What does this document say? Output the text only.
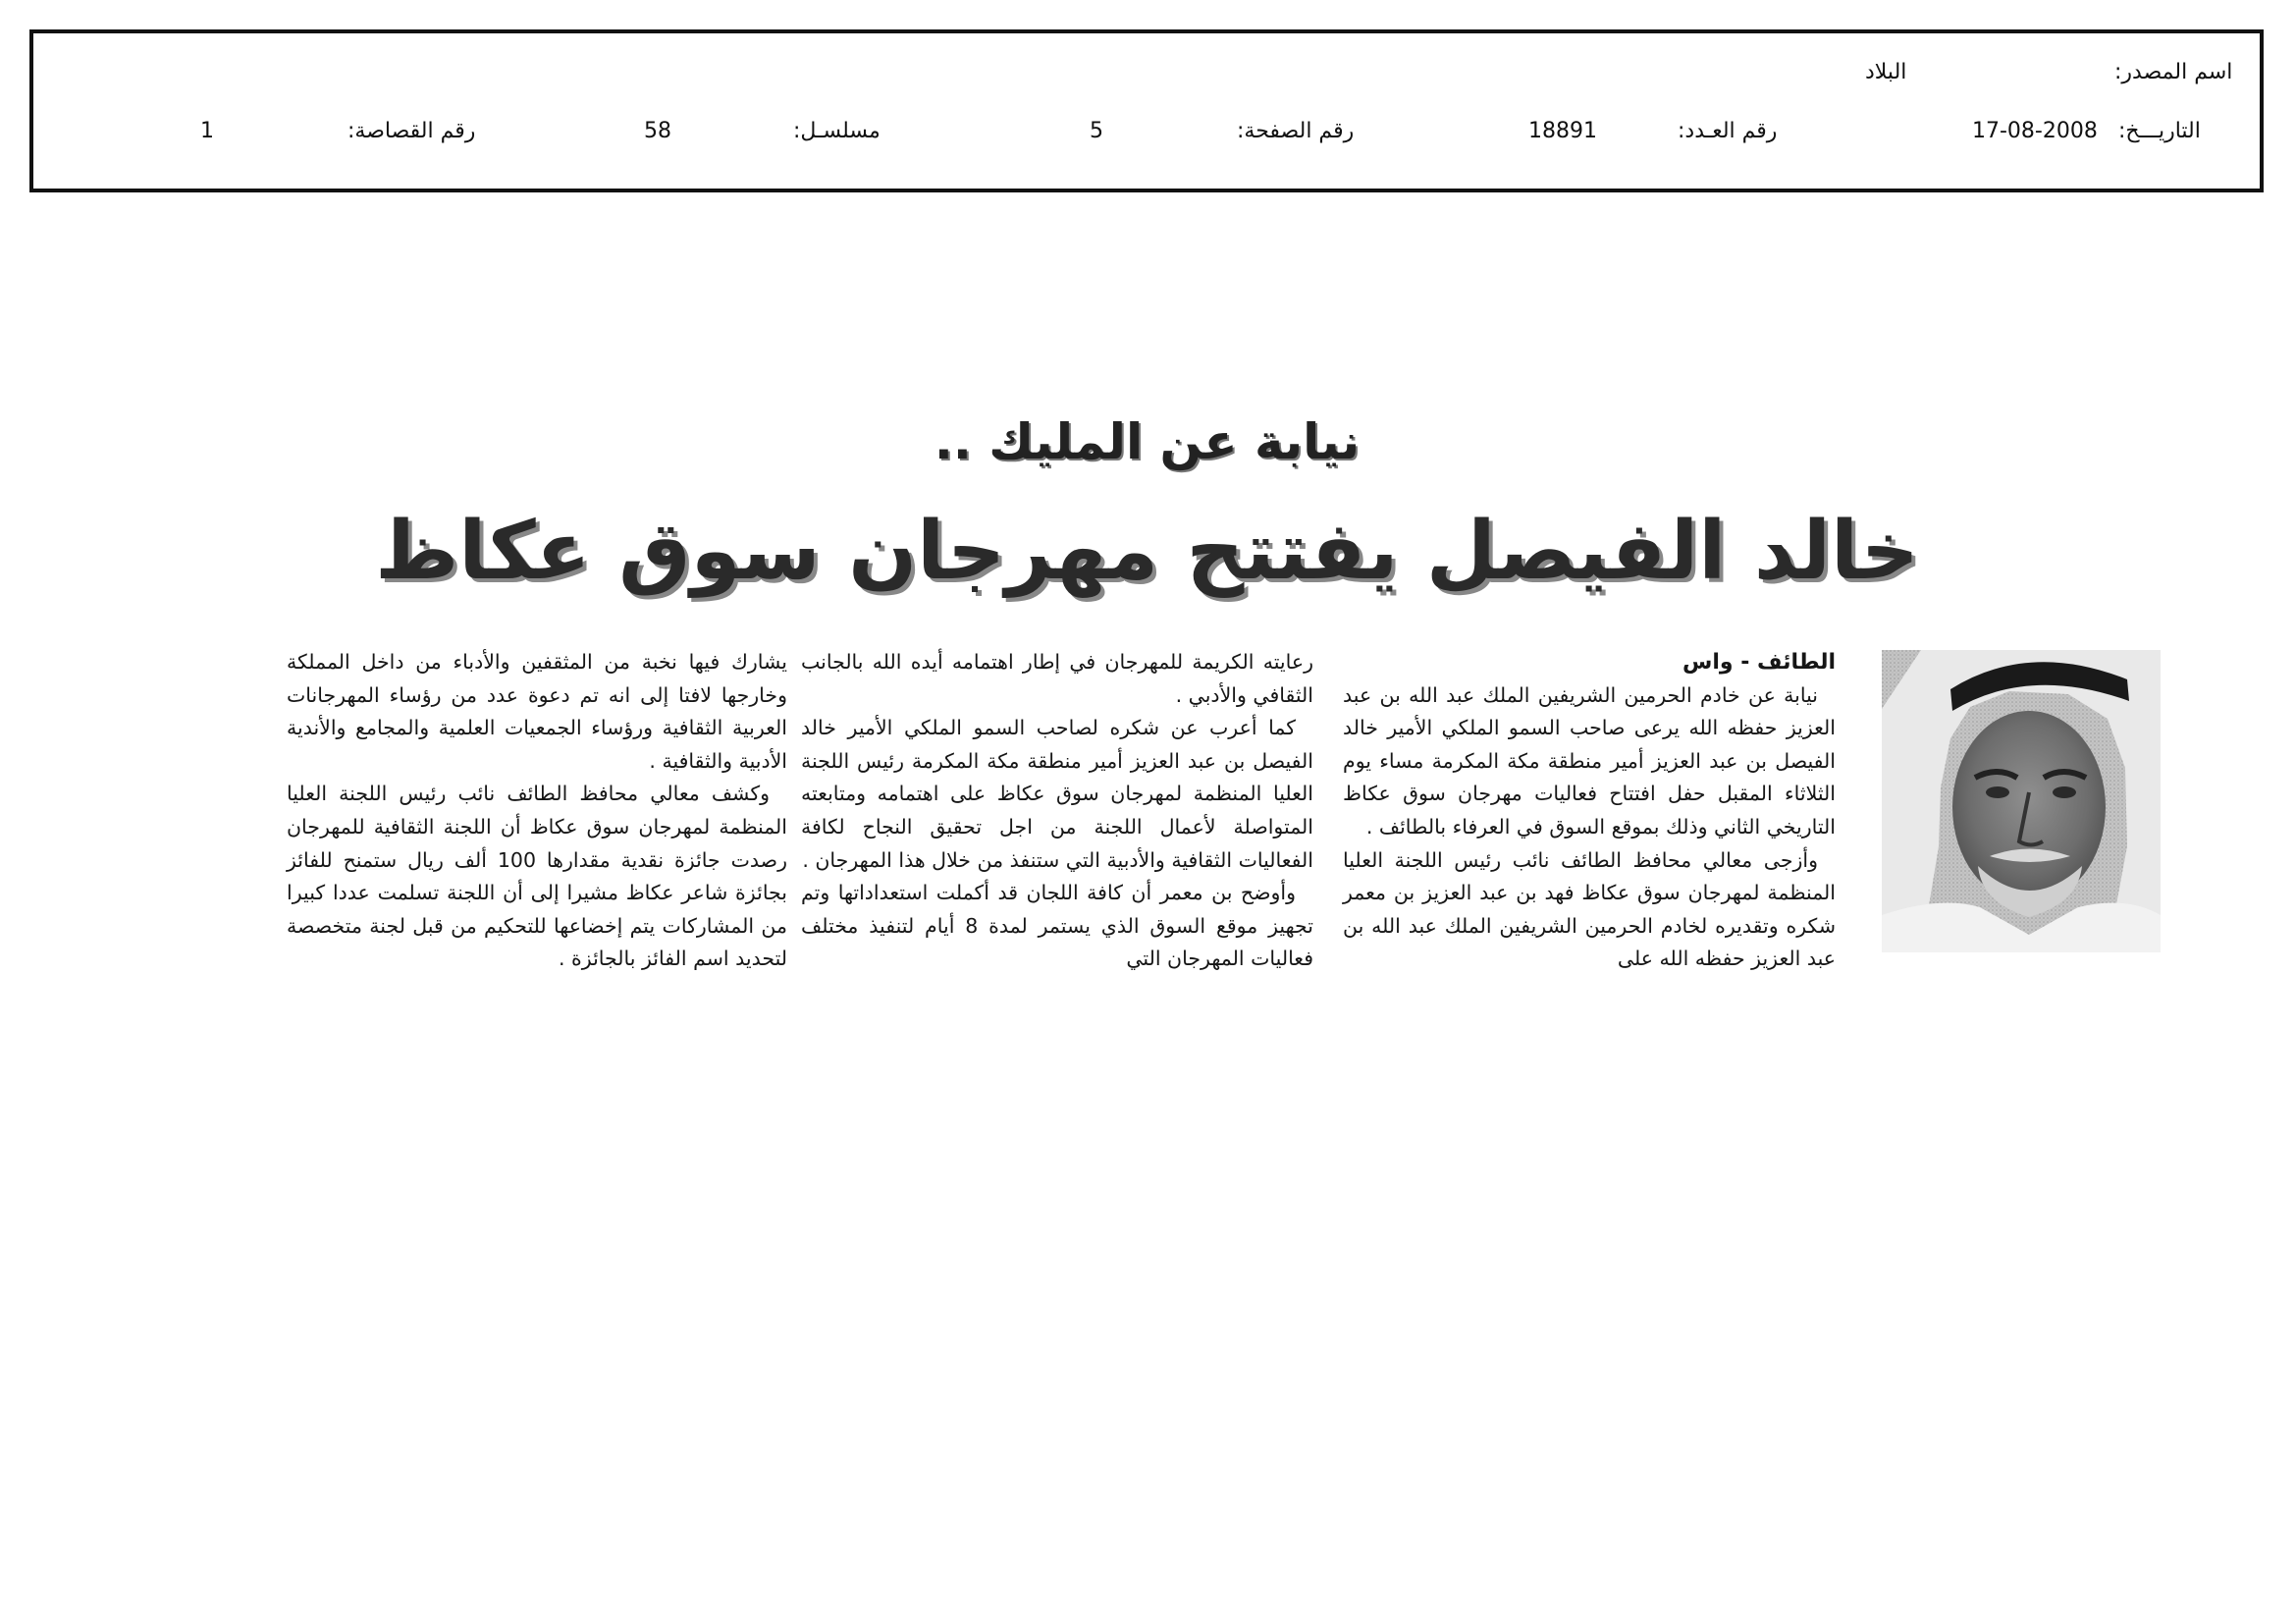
اسم المصدر:
البلاد
التاريـــخ:
17-08-2008
رقم العـدد:
18891
رقم الصفحة:
5
مسلسـل:
58
رقم القصاصة:
1
نيابة عن المليك ..
خالد الفيصل يفتتح مهرجان سوق عكاظ

الطائف - واس

نيابة عن خادم الحرمين الشريفين الملك عبد الله بن عبد العزيز حفظه الله يرعى صاحب السمو الملكي الأمير خالد الفيصل بن عبد العزيز أمير منطقة مكة المكرمة مساء يوم الثلاثاء المقبل حفل افتتاح فعاليات مهرجان سوق عكاظ التاريخي الثاني وذلك بموقع السوق في العرفاء بالطائف .

وأزجى معالي محافظ الطائف نائب رئيس اللجنة العليا المنظمة لمهرجان سوق عكاظ فهد بن عبد العزيز بن معمر شكره وتقديره لخادم الحرمين الشريفين الملك عبد الله بن عبد العزيز حفظه الله على

رعايته الكريمة للمهرجان في إطار اهتمامه أيده الله بالجانب الثقافي والأدبي .

كما أعرب عن شكره لصاحب السمو الملكي الأمير خالد الفيصل بن عبد العزيز أمير منطقة مكة المكرمة رئيس اللجنة العليا المنظمة لمهرجان سوق عكاظ على اهتمامه ومتابعته المتواصلة لأعمال اللجنة من اجل تحقيق النجاح لكافة الفعاليات الثقافية والأدبية التي ستنفذ من خلال هذا المهرجان .

وأوضح بن معمر أن كافة اللجان قد أكملت استعداداتها وتم تجهيز موقع السوق الذي يستمر لمدة 8 أيام لتنفيذ مختلف فعاليات المهرجان التي

يشارك فيها نخبة من المثقفين والأدباء من داخل المملكة وخارجها لافتا إلى انه تم دعوة عدد من رؤساء المهرجانات العربية الثقافية ورؤساء الجمعيات العلمية والمجامع والأندية الأدبية والثقافية .

وكشف معالي محافظ الطائف نائب رئيس اللجنة العليا المنظمة لمهرجان سوق عكاظ أن اللجنة الثقافية للمهرجان رصدت جائزة نقدية مقدارها 100 ألف ريال ستمنح للفائز بجائزة شاعر عكاظ مشيرا إلى أن اللجنة تسلمت عددا كبيرا من المشاركات يتم إخضاعها للتحكيم من قبل لجنة متخصصة لتحديد اسم الفائز بالجائزة .
